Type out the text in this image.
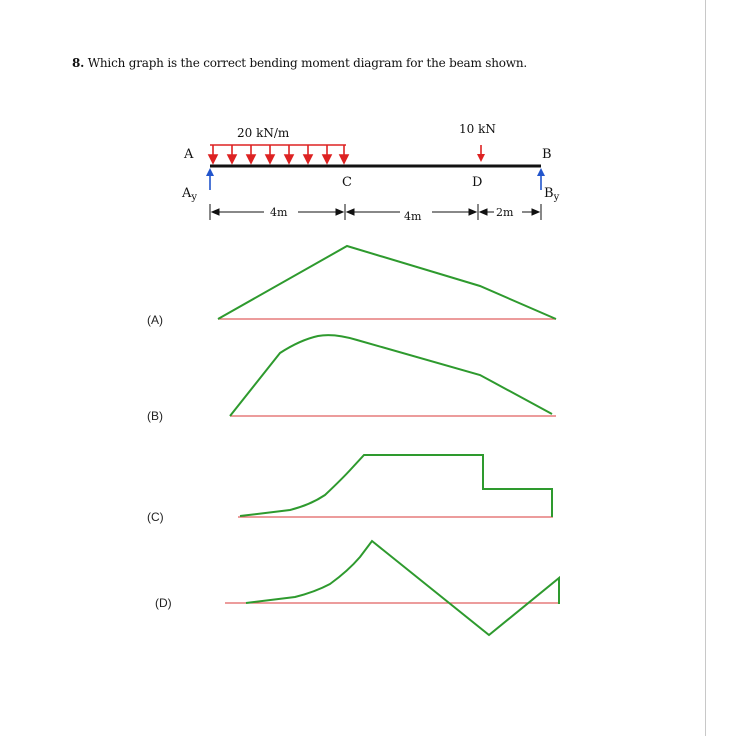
8. Which graph is the correct bending moment diagram for the beam shown.
20 kN/m	10 kN
A	B
C	D
$A_y$	$B_y$
4m	4m	2m
(A)
(B)
(C)
(D)
